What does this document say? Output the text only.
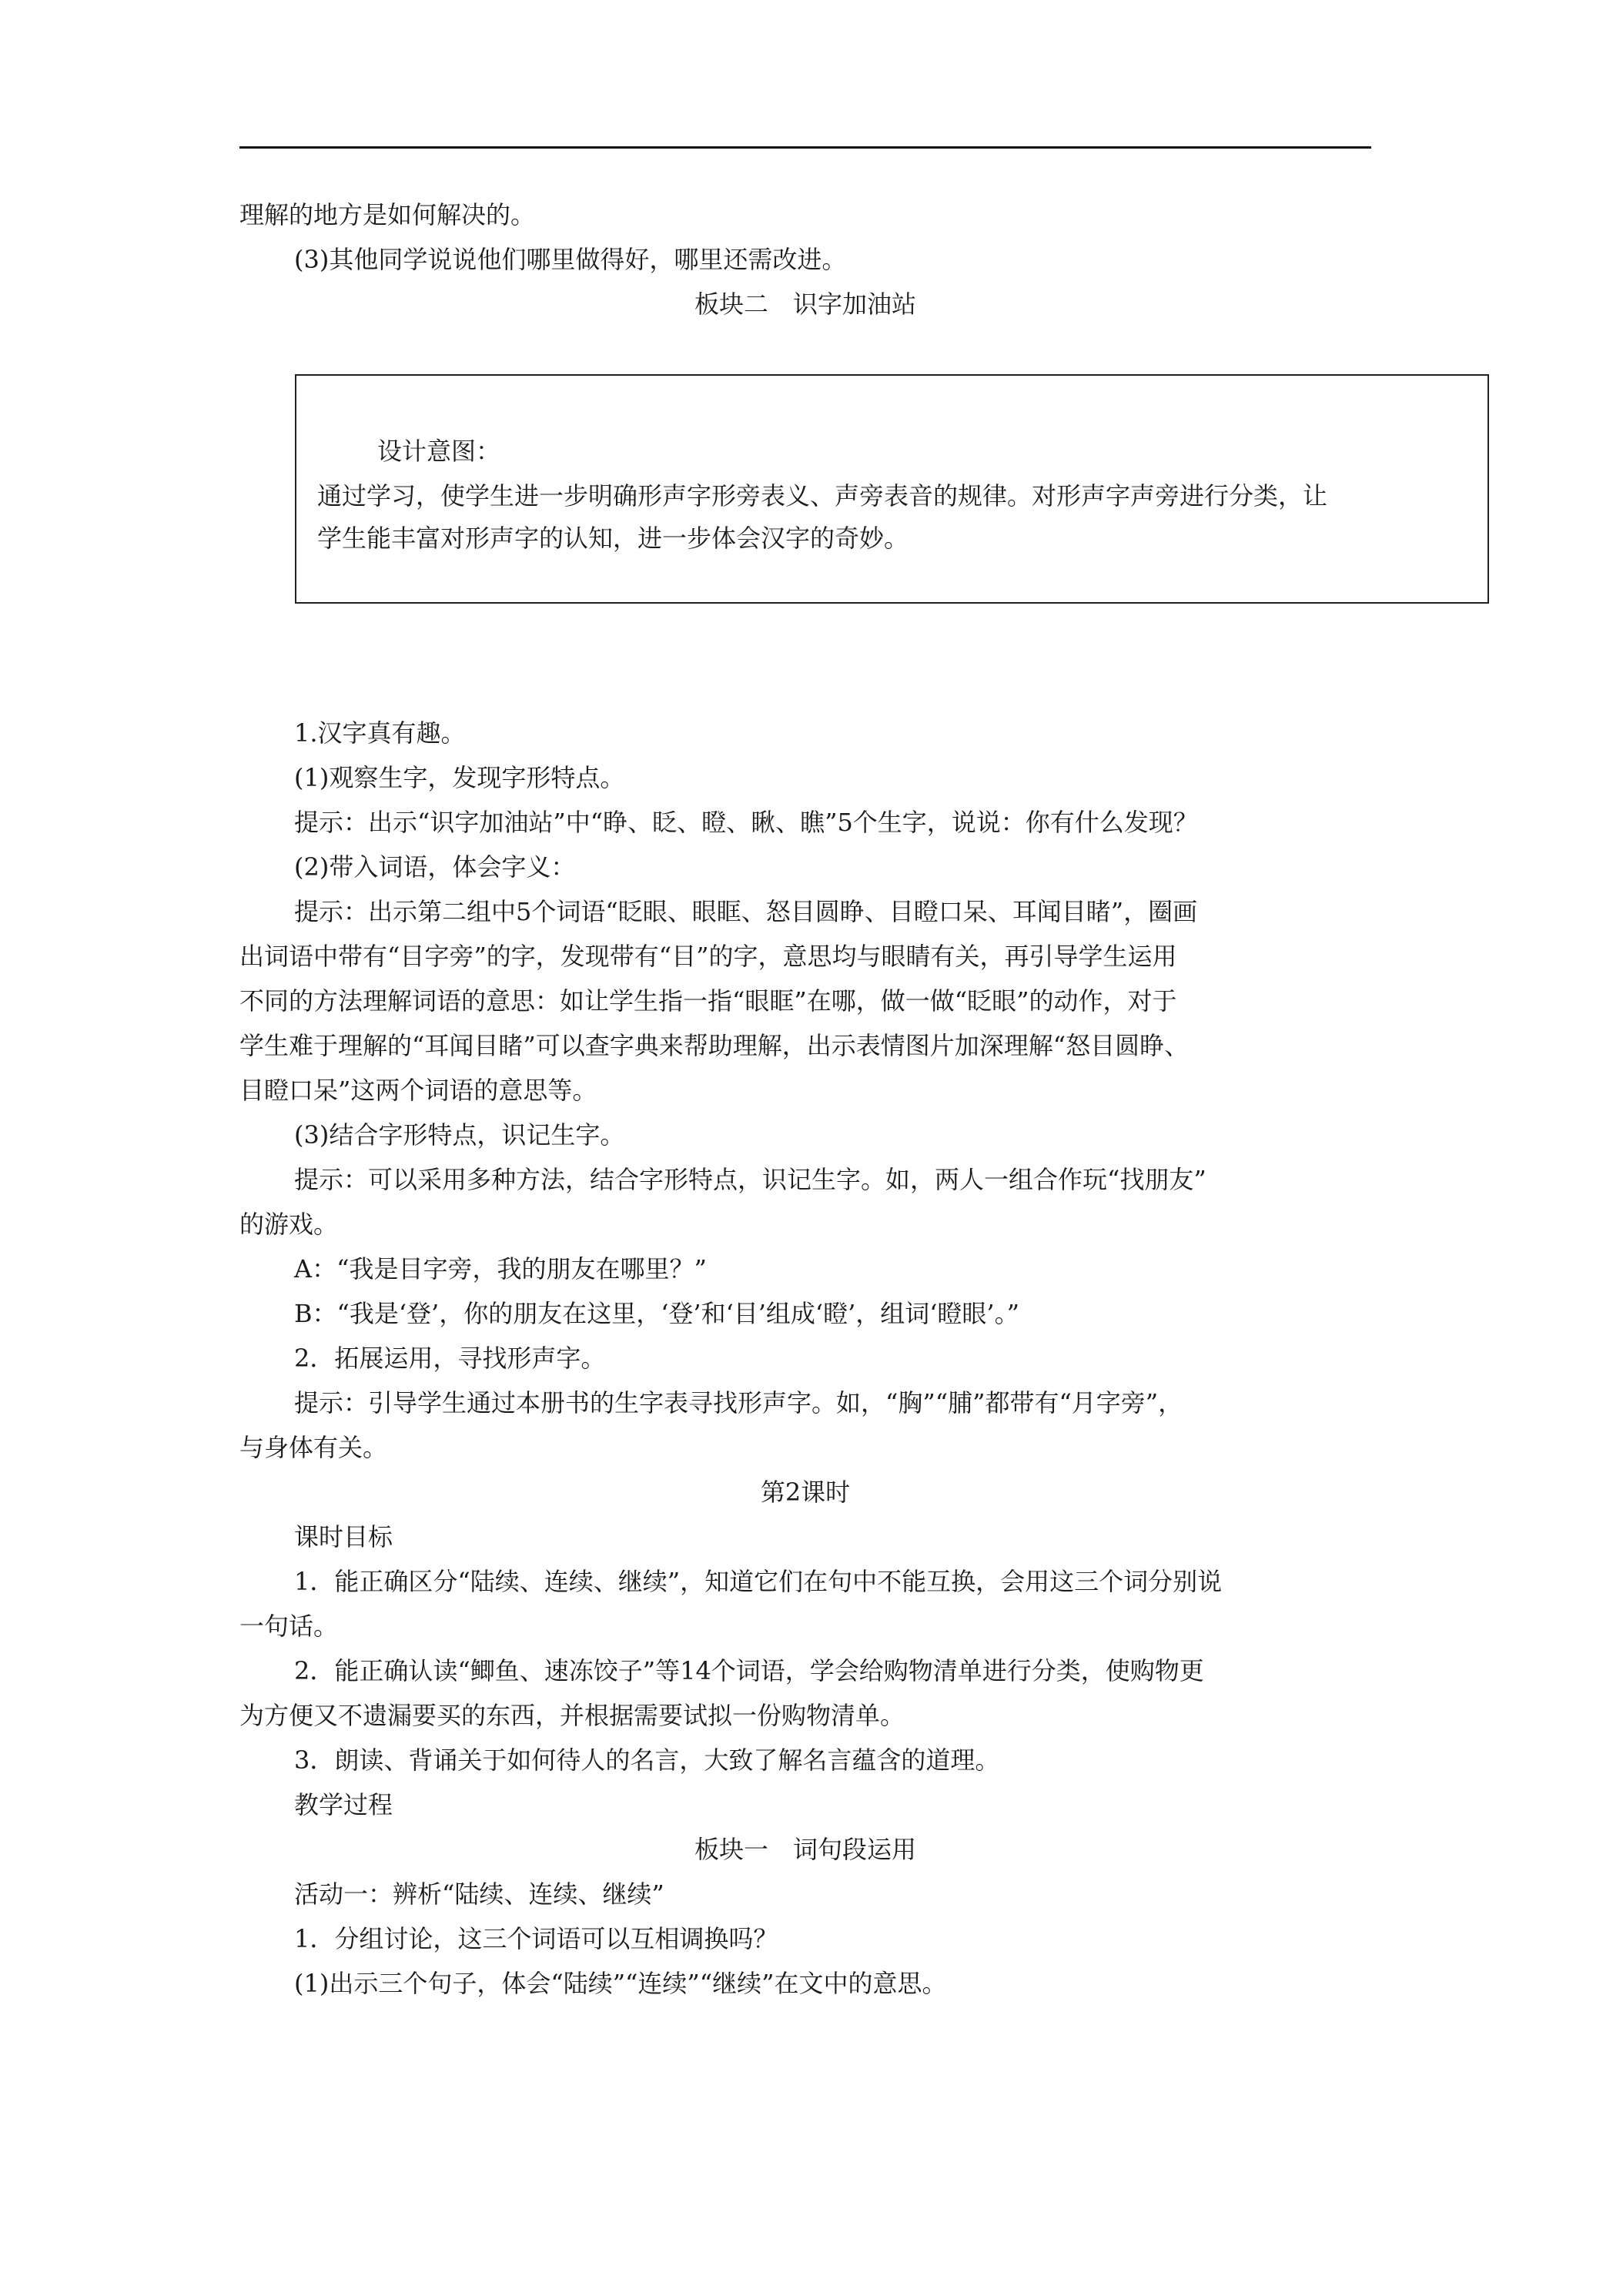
理解的地方是如何解决的。
(3)其他同学说说他们哪里做得好，哪里还需改进。
板块二　识字加油站
设计意图：
通过学习，使学生进一步明确形声字形旁表义、声旁表音的规律。对形声字声旁进行分类，让
学生能丰富对形声字的认知，进一步体会汉字的奇妙。
1.汉字真有趣。
(1)观察生字，发现字形特点。
提示：出示“识字加油站”中“睁、眨、瞪、瞅、瞧”5个生字，说说：你有什么发现？
(2)带入词语，体会字义：
提示：出示第二组中5个词语“眨眼、眼眶、怒目圆睁、目瞪口呆、耳闻目睹”，圈画
出词语中带有“目字旁”的字，发现带有“目”的字，意思均与眼睛有关，再引导学生运用
不同的方法理解词语的意思：如让学生指一指“眼眶”在哪，做一做“眨眼”的动作，对于
学生难于理解的“耳闻目睹”可以查字典来帮助理解，出示表情图片加深理解“怒目圆睁、
目瞪口呆”这两个词语的意思等。
(3)结合字形特点，识记生字。
提示：可以采用多种方法，结合字形特点，识记生字。如，两人一组合作玩“找朋友”
的游戏。
A：“我是目字旁，我的朋友在哪里？”
B：“我是‘登’，你的朋友在这里，‘登’和‘目’组成‘瞪’，组词‘瞪眼’。”
2．拓展运用，寻找形声字。
提示：引导学生通过本册书的生字表寻找形声字。如，“胸”“脯”都带有“月字旁”，
与身体有关。
第2课时
课时目标
1．能正确区分“陆续、连续、继续”，知道它们在句中不能互换，会用这三个词分别说
一句话。
2．能正确认读“鲫鱼、速冻饺子”等14个词语，学会给购物清单进行分类，使购物更
为方便又不遗漏要买的东西，并根据需要试拟一份购物清单。
3．朗读、背诵关于如何待人的名言，大致了解名言蕴含的道理。
教学过程
板块一　词句段运用
活动一：辨析“陆续、连续、继续”
1．分组讨论，这三个词语可以互相调换吗？
(1)出示三个句子，体会“陆续”“连续”“继续”在文中的意思。
